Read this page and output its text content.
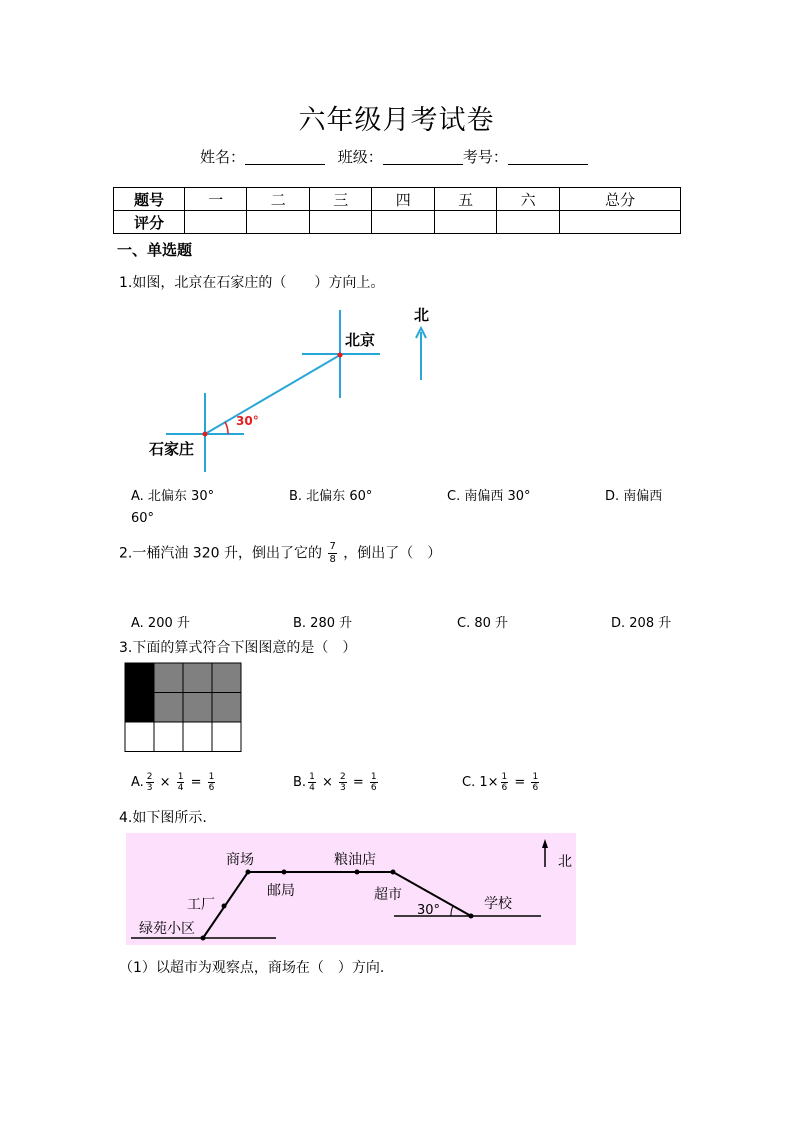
六年级月考试卷
姓名：	班级：	考号：
题号	一	二	三	四	五	六	总分
评分							
一、单选题
1.如图，北京在石家庄的（　　）方向上。
30°
北京
石家庄
北
A. 北偏东 30°	B. 北偏东 60°	C. 南偏西 30°	D. 南偏西
60°
2.一桶汽油 320 升，倒出了它的 $\frac{7}{8}$ ，倒出了（　）
A. 200 升	B. 280 升	C. 80 升	D. 208 升
3.下面的算式符合下图图意的是（　）
A. $\frac{2}{3} \times \frac{1}{4} = \frac{1}{6}$	B. $\frac{1}{4} \times \frac{2}{3} = \frac{1}{6}$	C. $1\times \frac{1}{6} = \frac{1}{6}$
4.如下图所示.
商场	粮油店
工厂
邮局	超市
学校
绿苑小区
30°
北
（1）以超市为观察点，商场在（　）方向.
